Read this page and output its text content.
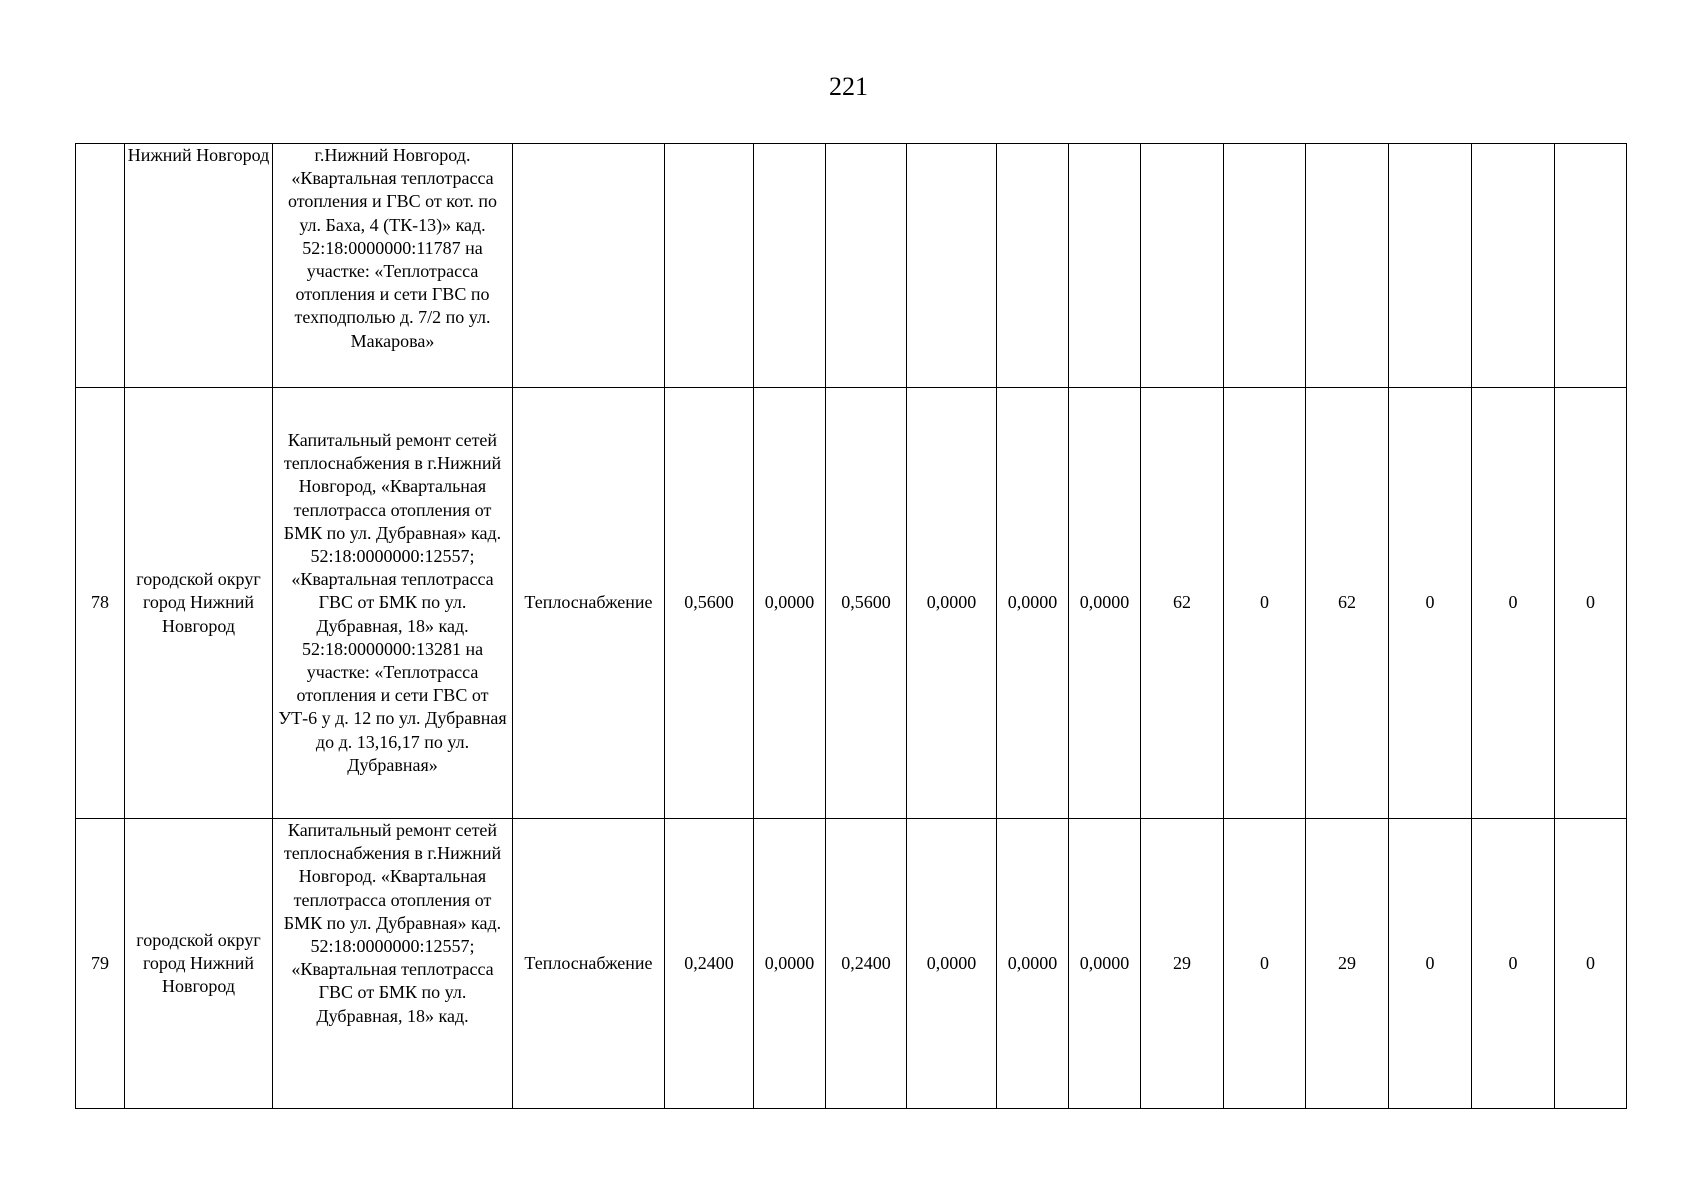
221
	Нижний Новгород	г.Нижний Новгород. «Квартальная теплотрасса отопления и ГВС от кот. по ул. Баха, 4 (ТК-13)» кад. 52:18:0000000:11787 на участке: «Теплотрасса отопления и сети ГВС по техподполью д. 7/2 по ул. Макарова»													
78	городской округ город Нижний Новгород	Капитальный ремонт сетей теплоснабжения в г.Нижний Новгород, «Квартальная теплотрасса отопления от БМК по ул. Дубравная» кад. 52:18:0000000:12557; «Квартальная теплотрасса ГВС от БМК по ул. Дубравная, 18» кад. 52:18:0000000:13281 на участке: «Теплотрасса отопления и сети ГВС от УТ-6 у д. 12 по ул. Дубравная до д. 13,16,17 по ул. Дубравная»	Теплоснабжение	0,5600	0,0000	0,5600	0,0000	0,0000	0,0000	62	0	62	0	0	0
79	городской округ город Нижний Новгород	Капитальный ремонт сетей теплоснабжения в г.Нижний Новгород. «Квартальная теплотрасса отопления от БМК по ул. Дубравная» кад. 52:18:0000000:12557; «Квартальная теплотрасса ГВС от БМК по ул. Дубравная, 18» кад.	Теплоснабжение	0,2400	0,0000	0,2400	0,0000	0,0000	0,0000	29	0	29	0	0	0
